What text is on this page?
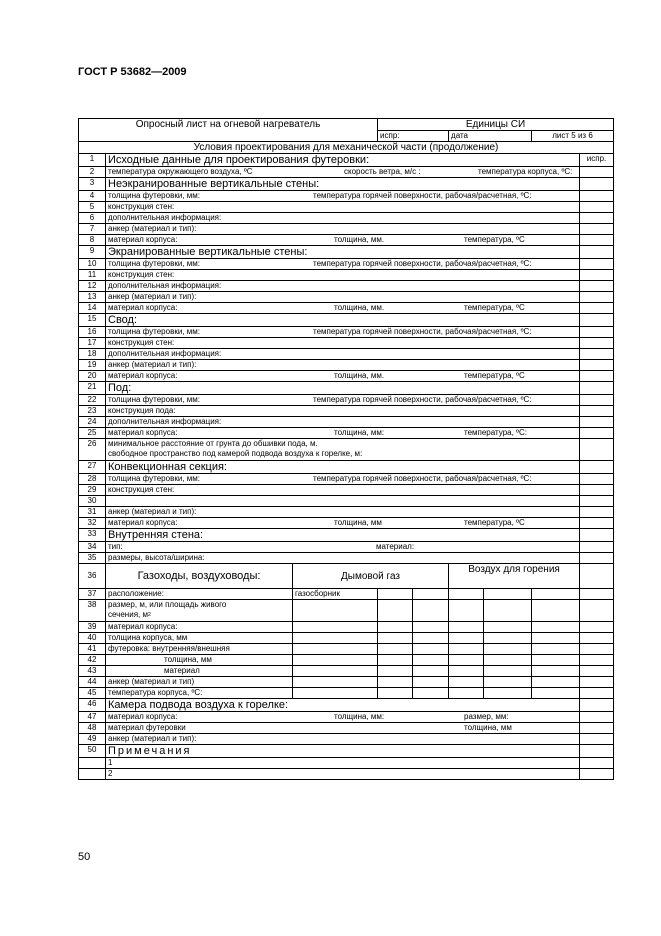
ГОСТ Р 53682—2009
Опросный лист на огневой нагреватель			Единицы СИ					
			испр:		дата		лист 5 из 6	
Условия проектирования для механической части (продолжение)								
1	Исходные данные для проектирования футеровки:							испр.
2	температура окружающего воздуха, ºС скорость ветра, м/с : температура корпуса, ºС:							

3	Неэкранированные вертикальные стены:							
4	толщина футеровки, мм: температура горячей поверхности, рабочая/расчетная, ºС:							

5	конструкция стен:							
6	дополнительная информация:							
7	анкер (материал и тип):							
8	материал корпуса: толщина, мм. температура, ºС							

9	Экранированные вертикальные стены:							
10	толщина футеровки, мм: температура горячей поверхности, рабочая/расчетная, ºС:							

11	конструкция стен:							
12	дополнительная информация:							
13	анкер (материал и тип):							
14	материал корпуса: толщина, мм. температура, ºС							

15	Свод:							
16	толщина футеровки, мм: температура горячей поверхности, рабочая/расчетная, ºС:							

17	конструкция стен:							
18	дополнительная информация:							
19	анкер (материал и тип):							
20	материал корпуса: толщина, мм. температура, ºС							

21	Под:							
22	толщина футеровки, мм: температура горячей поверхности, рабочая/расчетная, ºС:							

23	конструкция пода:							
24	дополнительная информация:							
25	материал корпуса: толщина, мм: температура, ºС:							

26	минимальное расстояние от грунта до обшивки пода, м.
свободное пространство под камерой подвода воздуха к горелке, м:							

27	Конвекционная секция:							
28	толщина футеровки, мм: температура горячей поверхности, рабочая/расчетная, ºС:							

29	конструкция стен:							
30								
31	анкер (материал и тип):							
32	материал корпуса: толщина, мм температура, ºС							

33	Внутренняя стена:							
34	тип: материал:							

35	размеры, высота/ширина:							
36	Газоходы, воздуховоды:	Дымовой газ			Воздух для горения			
37	расположение:	газосборник						
38	размер, м, или площадь живого
сечения, $м^2$

39	материал корпуса:							
40	толщина корпуса, мм							
41	футеровка: внутренняя/внешняя							
42	толщина, мм							
43	материал							
44	анкер (материал и тип)							
45	температура корпуса, ºС:							
46	Камера подвода воздуха к горелке:							
47	материал корпуса: толщина, мм: размер, мм:							

48	материал футеровки толщина, мм							

49	анкер (материал и тип):							
50	Примечания							
	1							
	2							
50
